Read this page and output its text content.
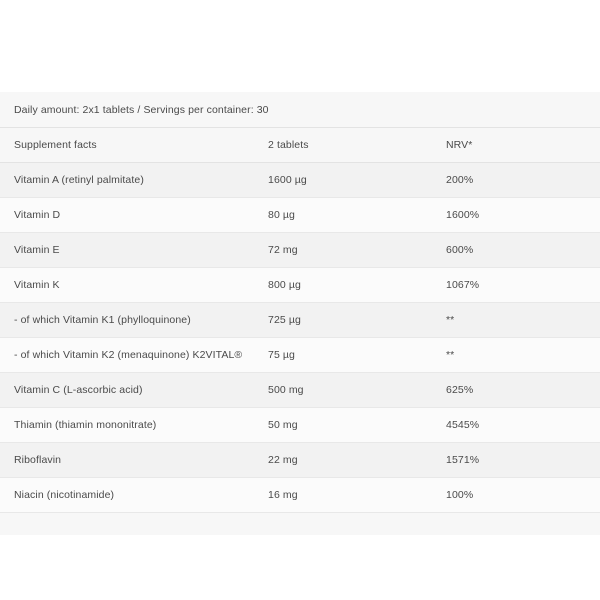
Daily amount: 2x1 tablets / Servings per container: 30
Supplement facts	2 tablets	NRV*
Vitamin A (retinyl palmitate)	1600 µg	200%
Vitamin D	80 µg	1600%
Vitamin E	72 mg	600%
Vitamin K	800 µg	1067%
- of which Vitamin K1 (phylloquinone)	725 µg	**
- of which Vitamin K2 (menaquinone) K2VITAL®	75 µg	**
Vitamin C (L-ascorbic acid)	500 mg	625%
Thiamin (thiamin mononitrate)	50 mg	4545%
Riboflavin	22 mg	1571%
Niacin (nicotinamide)	16 mg	100%
